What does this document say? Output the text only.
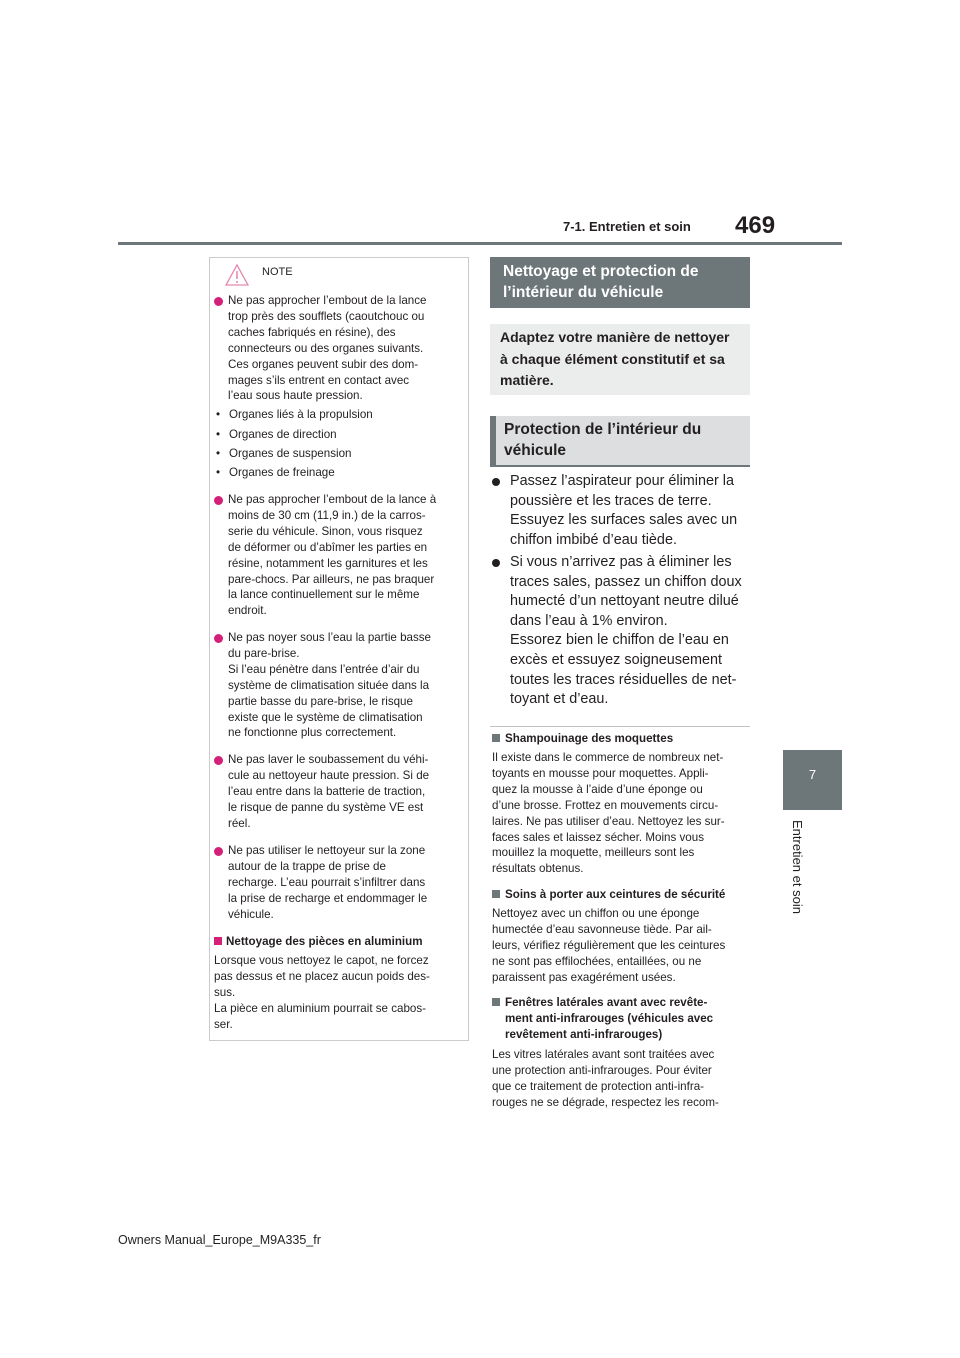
7-1. Entretien et soin 469
7
Entretien et soin
NOTE
Ne pas approcher l’embout de la lance
trop près des soufflets (caoutchouc ou
caches fabriqués en résine), des
connecteurs ou des organes suivants.
Ces organes peuvent subir des dom-
mages s’ils entrent en contact avec
l’eau sous haute pression.
• Organes liés à la propulsion
• Organes de direction
• Organes de suspension
• Organes de freinage
Ne pas approcher l’embout de la lance à
moins de 30 cm (11,9 in.) de la carros-
serie du véhicule. Sinon, vous risquez
de déformer ou d’abîmer les parties en
résine, notamment les garnitures et les
pare-chocs. Par ailleurs, ne pas braquer
la lance continuellement sur le même
endroit.
Ne pas noyer sous l’eau la partie basse
du pare-brise.
Si l’eau pénètre dans l’entrée d’air du
système de climatisation située dans la
partie basse du pare-brise, le risque
existe que le système de climatisation
ne fonctionne plus correctement.
Ne pas laver le soubassement du véhi-
cule au nettoyeur haute pression. Si de
l’eau entre dans la batterie de traction,
le risque de panne du système VE est
réel.
Ne pas utiliser le nettoyeur sur la zone
autour de la trappe de prise de
recharge. L’eau pourrait s’infiltrer dans
la prise de recharge et endommager le
véhicule.
Nettoyage des pièces en aluminium
Lorsque vous nettoyez le capot, ne forcez
pas dessus et ne placez aucun poids des-
sus.
La pièce en aluminium pourrait se cabos-
ser.
Nettoyage et protection de
l’intérieur du véhicule
Adaptez votre manière de nettoyer
à chaque élément constitutif et sa
matière.
Protection de l’intérieur du
véhicule
Passez l’aspirateur pour éliminer la
poussière et les traces de terre.
Essuyez les surfaces sales avec un
chiffon imbibé d’eau tiède.
Si vous n’arrivez pas à éliminer les
traces sales, passez un chiffon doux
humecté d’un nettoyant neutre dilué
dans l’eau à 1% environ.
Essorez bien le chiffon de l’eau en
excès et essuyez soigneusement
toutes les traces résiduelles de net-
toyant et d’eau.
Shampouinage des moquettes
Il existe dans le commerce de nombreux net-
toyants en mousse pour moquettes. Appli-
quez la mousse à l’aide d’une éponge ou
d’une brosse. Frottez en mouvements circu-
laires. Ne pas utiliser d’eau. Nettoyez les sur-
faces sales et laissez sécher. Moins vous
mouillez la moquette, meilleurs sont les
résultats obtenus.
Soins à porter aux ceintures de sécurité
Nettoyez avec un chiffon ou une éponge
humectée d’eau savonneuse tiède. Par ail-
leurs, vérifiez régulièrement que les ceintures
ne sont pas effilochées, entaillées, ou ne
paraissent pas exagérément usées.
Fenêtres latérales avant avec revête-
ment anti-infrarouges (véhicules avec
revêtement anti-infrarouges)
Les vitres latérales avant sont traitées avec
une protection anti-infrarouges. Pour éviter
que ce traitement de protection anti-infra-
rouges ne se dégrade, respectez les recom-
Owners Manual_Europe_M9A335_fr
